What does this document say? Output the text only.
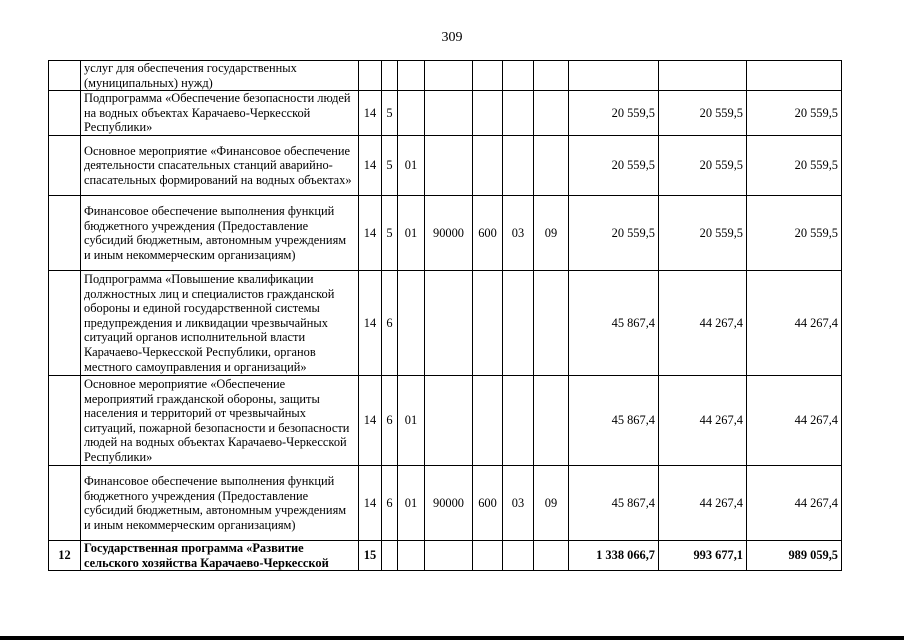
309
	услуг для обеспечения государственных (муниципальных) нужд)										
	Подпрограмма «Обеспечение безопасности людей на водных объектах Карачаево-Черкесской Республики»	14	5						20 559,5	20 559,5	20 559,5
	Основное мероприятие «Финансовое обеспечение деятельности спасательных станций аварийно-спасательных формирований на водных объектах»	14	5	01					20 559,5	20 559,5	20 559,5
	Финансовое обеспечение выполнения функций бюджетного учреждения (Предоставление субсидий бюджетным, автономным учреждениям и иным некоммерческим организациям)	14	5	01	90000	600	03	09	20 559,5	20 559,5	20 559,5
	Подпрограмма «Повышение квалификации должностных лиц и специалистов гражданской обороны и единой государственной системы предупреждения и ликвидации чрезвычайных ситуаций органов исполнительной власти Карачаево-Черкесской Республики, органов местного самоуправления и организаций»	14	6						45 867,4	44 267,4	44 267,4
	Основное мероприятие «Обеспечение мероприятий гражданской обороны, защиты населения и территорий от чрезвычайных ситуаций, пожарной безопасности и безопасности людей на водных объектах Карачаево-Черкесской Республики»	14	6	01					45 867,4	44 267,4	44 267,4
	Финансовое обеспечение выполнения функций бюджетного учреждения (Предоставление субсидий бюджетным, автономным учреждениям и иным некоммерческим организациям)	14	6	01	90000	600	03	09	45 867,4	44 267,4	44 267,4
12	Государственная программа «Развитие сельского хозяйства Карачаево-Черкесской	15							1 338 066,7	993 677,1	989 059,5
